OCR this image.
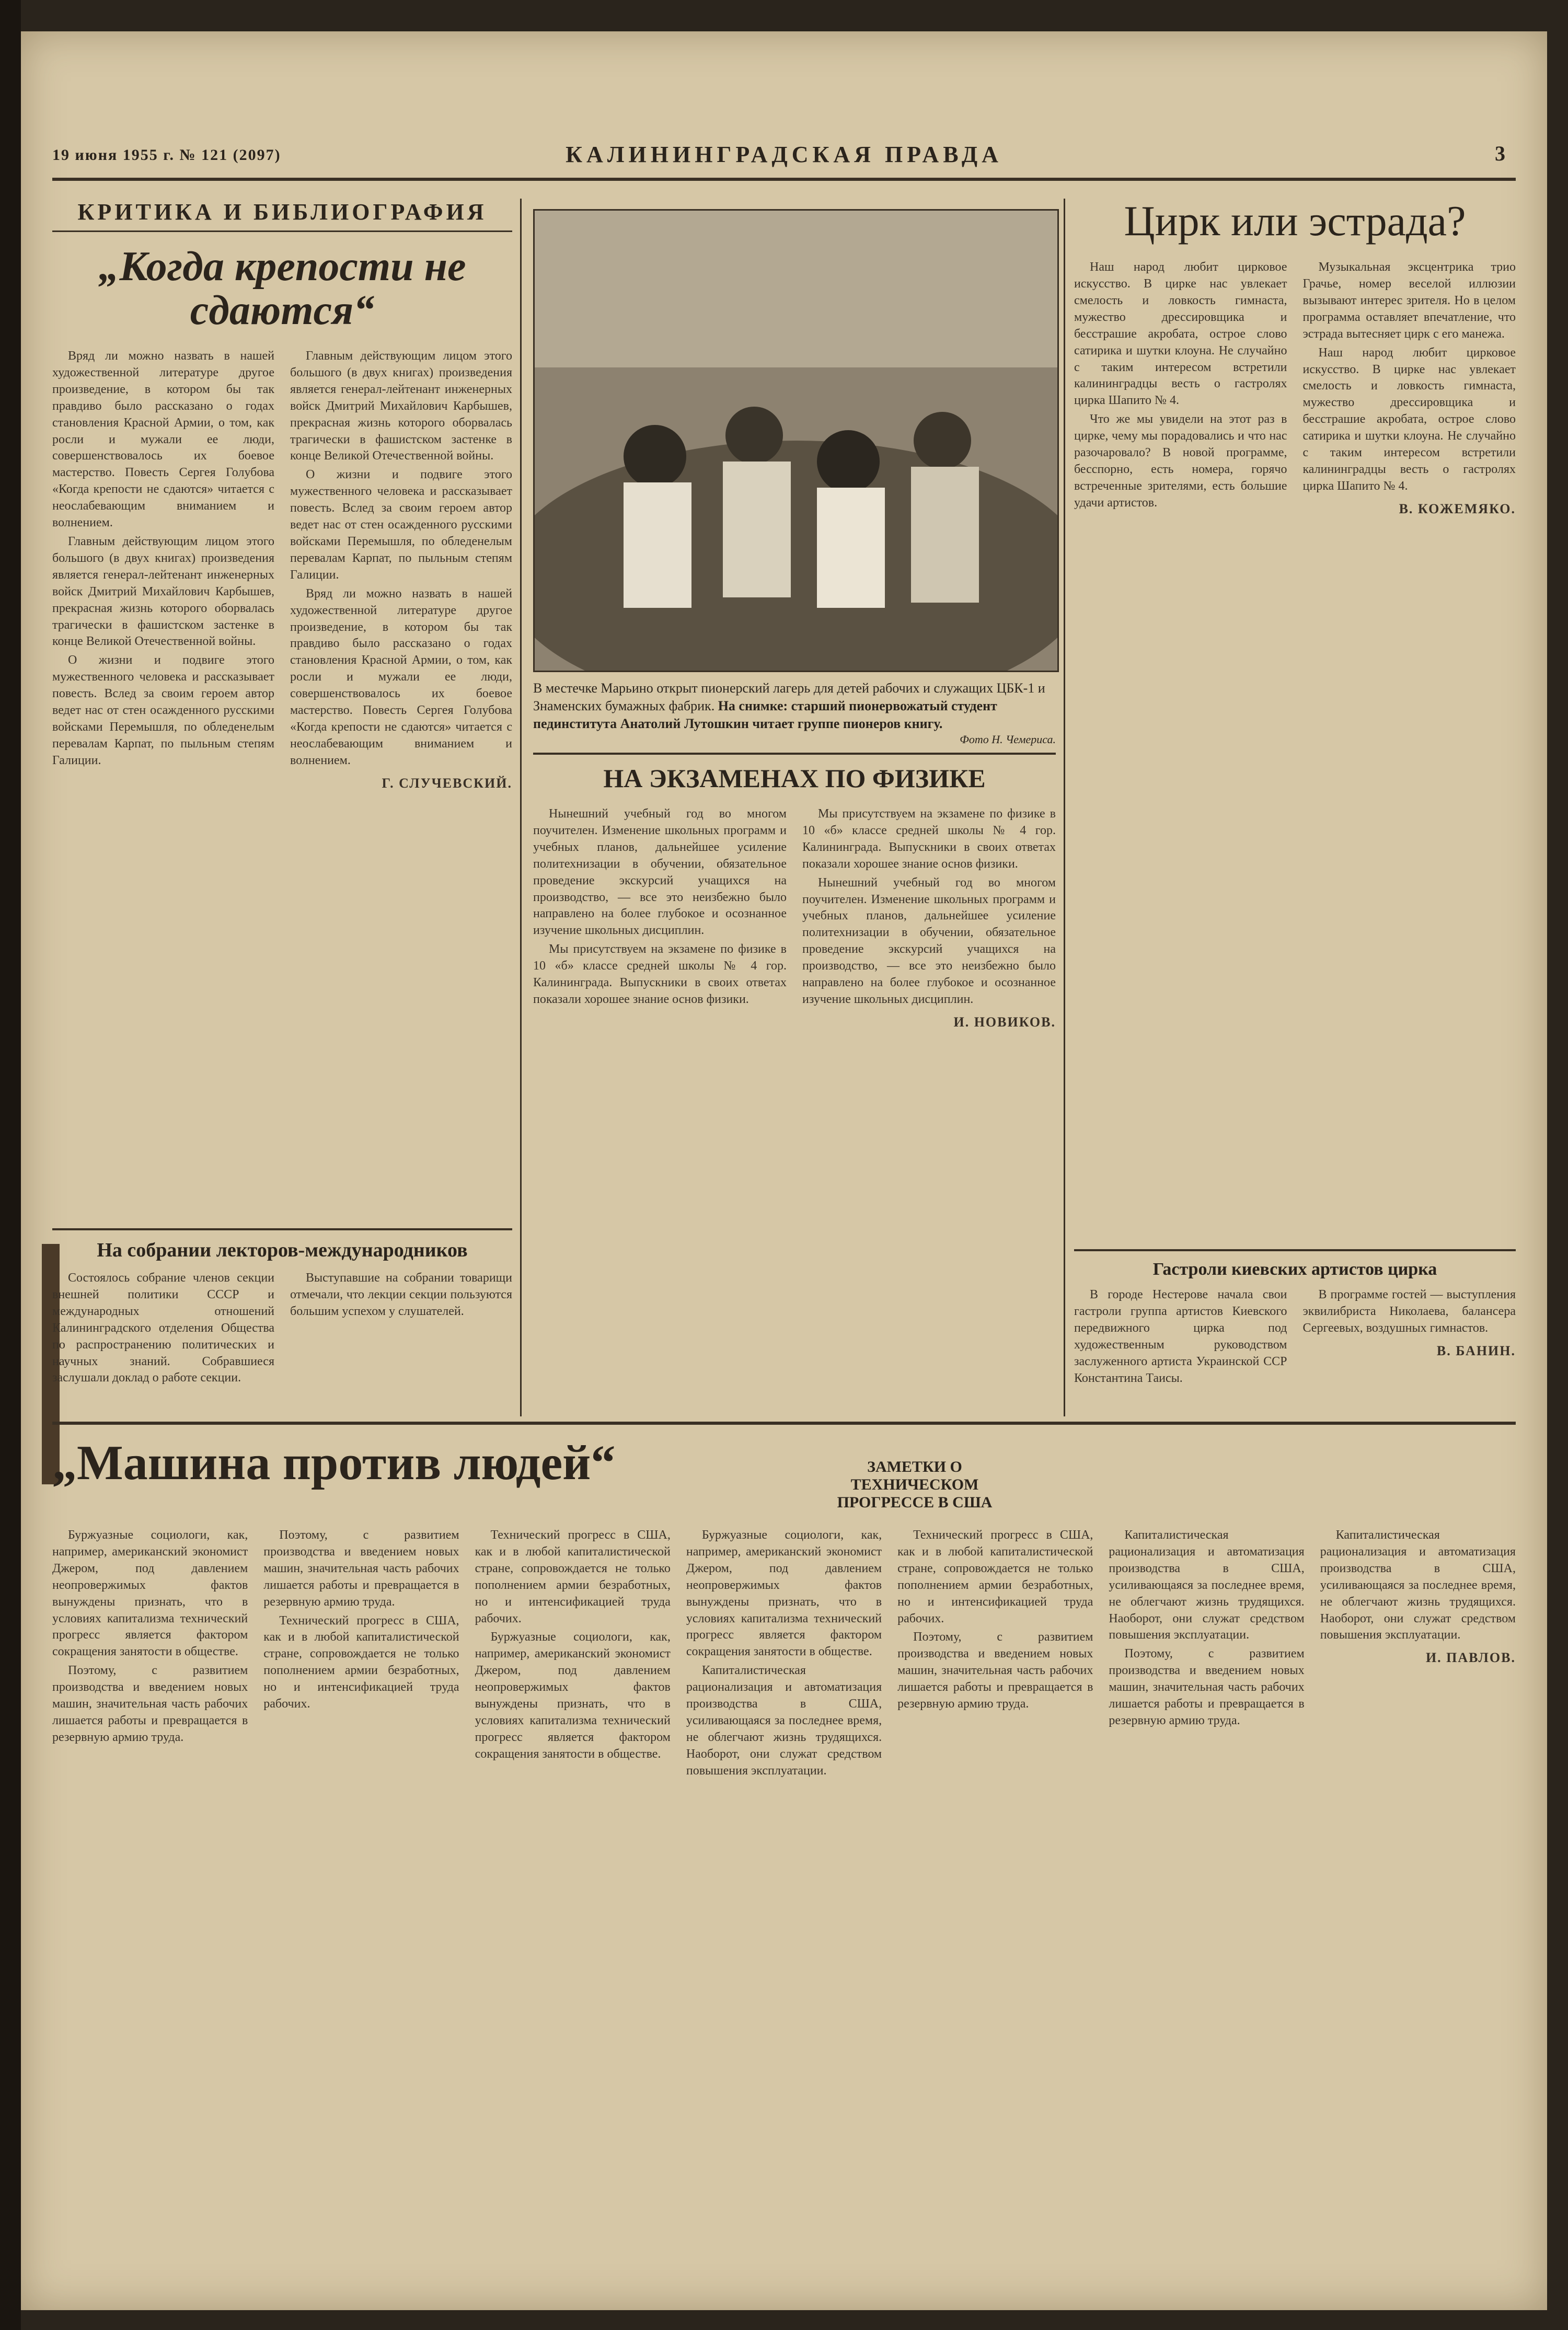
19 июня 1955 г. № 121 (2097)	КАЛИНИНГРАДСКАЯ ПРАВДА	3
КРИТИКА И БИБЛИОГРАФИЯ
„Когда крепости не сдаются“

Вряд ли можно назвать в нашей художественной литературе другое произведение, в котором бы так правдиво было рассказано о годах становления Красной Армии, о том, как росли и мужали ее люди, совершенствовалось их боевое мастерство. Повесть Сергея Голубова «Когда крепости не сдаются» читается с неослабевающим вниманием и волнением.

Главным действующим лицом этого большого (в двух книгах) произведения является генерал-лейтенант инженерных войск Дмитрий Михайлович Карбышев, прекрасная жизнь которого оборвалась трагически в фашистском застенке в конце Великой Отечественной войны.

О жизни и подвиге этого мужественного человека и рассказывает повесть. Вслед за своим героем автор ведет нас от стен осажденного русскими войсками Перемышля, по обледенелым перевалам Карпат, по пыльным степям Галиции.

Главным действующим лицом этого большого (в двух книгах) произведения является генерал-лейтенант инженерных войск Дмитрий Михайлович Карбышев, прекрасная жизнь которого оборвалась трагически в фашистском застенке в конце Великой Отечественной войны.

О жизни и подвиге этого мужественного человека и рассказывает повесть. Вслед за своим героем автор ведет нас от стен осажденного русскими войсками Перемышля, по обледенелым перевалам Карпат, по пыльным степям Галиции.

Вряд ли можно назвать в нашей художественной литературе другое произведение, в котором бы так правдиво было рассказано о годах становления Красной Армии, о том, как росли и мужали ее люди, совершенствовалось их боевое мастерство. Повесть Сергея Голубова «Когда крепости не сдаются» читается с неослабевающим вниманием и волнением.

Г. СЛУЧЕВСКИЙ.
На собрании лекторов-международников

Состоялось собрание членов секции внешней политики СССР и международных отношений Калининградского отделения Общества по распространению политических и научных знаний. Собравшиеся заслушали доклад о работе секции.

Выступавшие на собрании товарищи отмечали, что лекции секции пользуются большим успехом у слушателей.

В местечке Марьино открыт пионерский лагерь для детей рабочих и служащих ЦБК-1 и Знаменских бумажных фабрик. На снимке: старший пионервожатый студент пединститута Анатолий Лутошкин читает группе пионеров книгу.
Фото Н. Чемериса.
НА ЭКЗАМЕНАХ ПО ФИЗИКЕ

Нынешний учебный год во многом поучителен. Изменение школьных программ и учебных планов, дальнейшее усиление политехнизации в обучении, обязательное проведение экскурсий учащихся на производство, — все это неизбежно было направлено на более глубокое и осознанное изучение школьных дисциплин.

Мы присутствуем на экзамене по физике в 10 «б» классе средней школы № 4 гор. Калининграда. Выпускники в своих ответах показали хорошее знание основ физики.

Мы присутствуем на экзамене по физике в 10 «б» классе средней школы № 4 гор. Калининграда. Выпускники в своих ответах показали хорошее знание основ физики.

Нынешний учебный год во многом поучителен. Изменение школьных программ и учебных планов, дальнейшее усиление политехнизации в обучении, обязательное проведение экскурсий учащихся на производство, — все это неизбежно было направлено на более глубокое и осознанное изучение школьных дисциплин.

И. НОВИКОВ.
Цирк или эстрада?

Наш народ любит цирковое искусство. В цирке нас увлекает смелость и ловкость гимнаста, мужество дрессировщика и бесстрашие акробата, острое слово сатирика и шутки клоуна. Не случайно с таким интересом встретили калининградцы весть о гастролях цирка Шапито № 4.

Что же мы увидели на этот раз в цирке, чему мы порадовались и что нас разочаровало? В новой программе, бесспорно, есть номера, горячо встреченные зрителями, есть большие удачи артистов.

Музыкальная эксцентрика трио Грачье, номер веселой иллюзии вызывают интерес зрителя. Но в целом программа оставляет впечатление, что эстрада вытесняет цирк с его манежа.

Наш народ любит цирковое искусство. В цирке нас увлекает смелость и ловкость гимнаста, мужество дрессировщика и бесстрашие акробата, острое слово сатирика и шутки клоуна. Не случайно с таким интересом встретили калининградцы весть о гастролях цирка Шапито № 4.

В. КОЖЕМЯКО.
Гастроли киевских артистов цирка

В городе Нестерове начала свои гастроли группа артистов Киевского передвижного цирка под художественным руководством заслуженного артиста Украинской ССР Константина Таисы.

В программе гостей — выступления эквилибриста Николаева, балансера Сергеевых, воздушных гимнастов.

В. БАНИН.
„Машина против людей“	ЗАМЕТКИ О ТЕХНИЧЕСКОМ ПРОГРЕССЕ В США

Буржуазные социологи, как, например, американский экономист Джером, под давлением неопровержимых фактов вынуждены признать, что в условиях капитализма технический прогресс является фактором сокращения занятости в обществе.

Поэтому, с развитием производства и введением новых машин, значительная часть рабочих лишается работы и превращается в резервную армию труда.

Поэтому, с развитием производства и введением новых машин, значительная часть рабочих лишается работы и превращается в резервную армию труда.

Технический прогресс в США, как и в любой капиталистической стране, сопровождается не только пополнением армии безработных, но и интенсификацией труда рабочих.

Технический прогресс в США, как и в любой капиталистической стране, сопровождается не только пополнением армии безработных, но и интенсификацией труда рабочих.

Буржуазные социологи, как, например, американский экономист Джером, под давлением неопровержимых фактов вынуждены признать, что в условиях капитализма технический прогресс является фактором сокращения занятости в обществе.

Буржуазные социологи, как, например, американский экономист Джером, под давлением неопровержимых фактов вынуждены признать, что в условиях капитализма технический прогресс является фактором сокращения занятости в обществе.

Капиталистическая рационализация и автоматизация производства в США, усиливающаяся за последнее время, не облегчают жизнь трудящихся. Наоборот, они служат средством повышения эксплуатации.

Технический прогресс в США, как и в любой капиталистической стране, сопровождается не только пополнением армии безработных, но и интенсификацией труда рабочих.

Поэтому, с развитием производства и введением новых машин, значительная часть рабочих лишается работы и превращается в резервную армию труда.

Капиталистическая рационализация и автоматизация производства в США, усиливающаяся за последнее время, не облегчают жизнь трудящихся. Наоборот, они служат средством повышения эксплуатации.

Поэтому, с развитием производства и введением новых машин, значительная часть рабочих лишается работы и превращается в резервную армию труда.

Капиталистическая рационализация и автоматизация производства в США, усиливающаяся за последнее время, не облегчают жизнь трудящихся. Наоборот, они служат средством повышения эксплуатации.

И. ПАВЛОВ.
